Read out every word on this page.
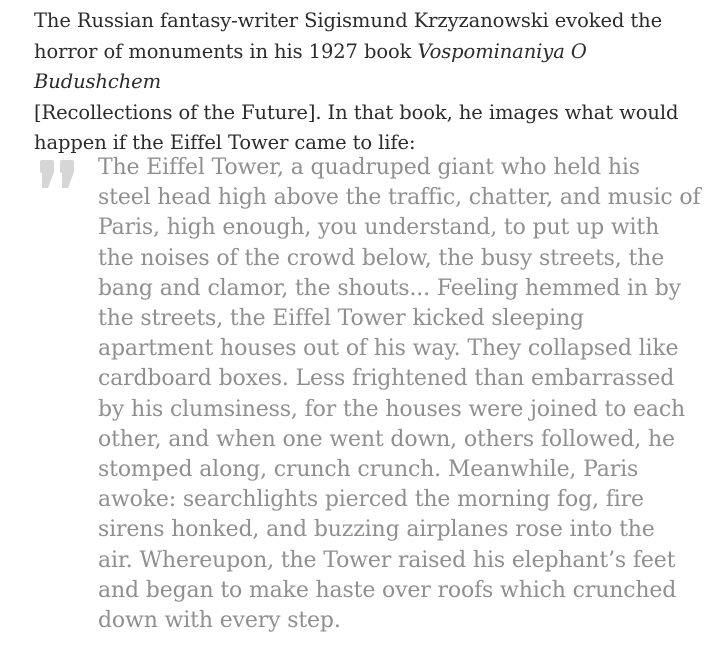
The Russian fantasy-writer Sigismund Krzyzanowski evoked the
horror of monuments in his 1927 book Vospominaniya O Budushchem
[Recollections of the Future]. In that book, he images what would
happen if the Eiffel Tower came to life:
The Eiffel Tower, a quadruped giant who held his
steel head high above the traffic, chatter, and music of
Paris, high enough, you understand, to put up with
the noises of the crowd below, the busy streets, the
bang and clamor, the shouts... Feeling hemmed in by
the streets, the Eiffel Tower kicked sleeping
apartment houses out of his way. They collapsed like
cardboard boxes. Less frightened than embarrassed
by his clumsiness, for the houses were joined to each
other, and when one went down, others followed, he
stomped along, crunch crunch. Meanwhile, Paris
awoke: searchlights pierced the morning fog, fire
sirens honked, and buzzing airplanes rose into the
air. Whereupon, the Tower raised his elephant’s feet
and began to make haste over roofs which crunched
down with every step.
